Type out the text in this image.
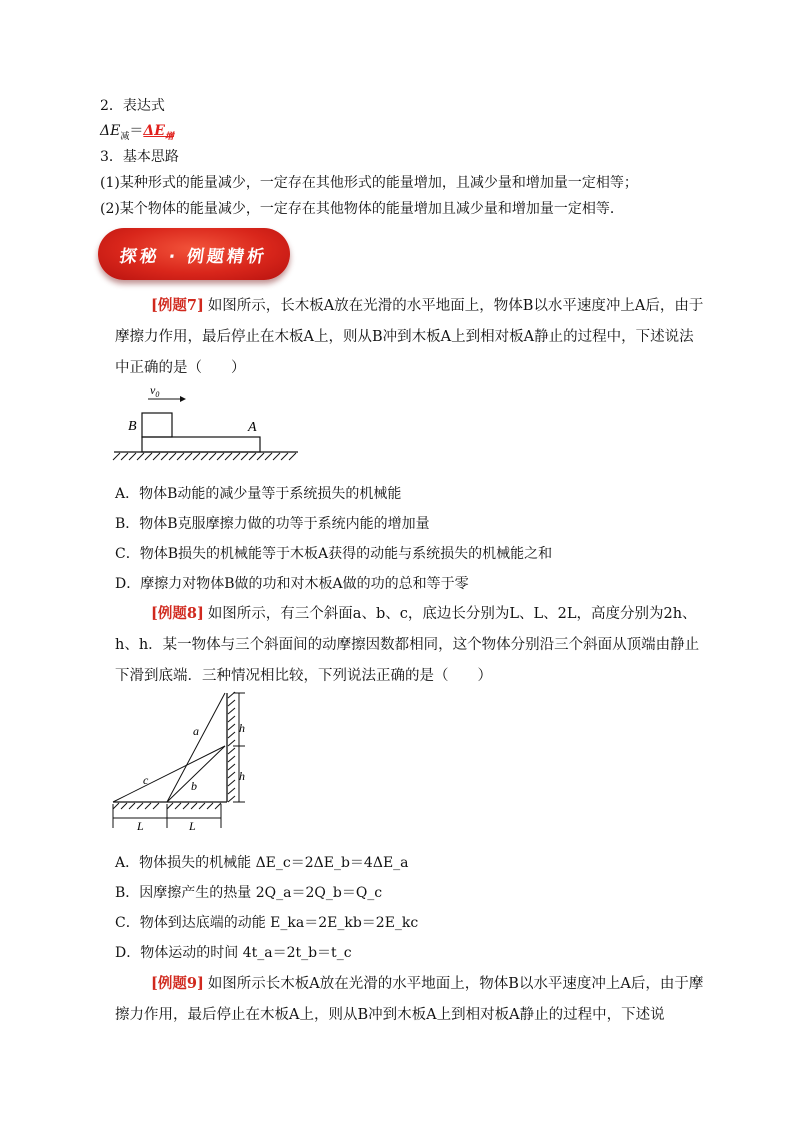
2．表达式
$\Delta E_减=\Delta E_增$
3．基本思路
(1)某种形式的能量减少，一定存在其他形式的能量增加，且减少量和增加量一定相等；
(2)某个物体的能量减少，一定存在其他物体的能量增加且减少量和增加量一定相等．
探秘 · 例题精析
[例题7] 如图所示，长木板A放在光滑的水平地面上，物体B以水平速度冲上A后，由于摩擦力作用，最后停止在木板A上，则从B冲到木板A上到相对板A静止的过程中，下述说法中正确的是（　　）
$v_0$
B	A
A．物体B动能的减少量等于系统损失的机械能
B．物体B克服摩擦力做的功等于系统内能的增加量
C．物体B损失的机械能等于木板A获得的动能与系统损失的机械能之和
D．摩擦力对物体B做的功和对木板A做的功的总和等于零
[例题8] 如图所示，有三个斜面a、b、c，底边长分别为L、L、2L，高度分别为2h、h、h．某一物体与三个斜面间的动摩擦因数都相同，这个物体分别沿三个斜面从顶端由静止下滑到底端．三种情况相比较，下列说法正确的是（　　）
a
b
c
h
h
L	L
A．物体损失的机械能 ΔE_c＝2ΔE_b＝4ΔE_a
B．因摩擦产生的热量 2Q_a＝2Q_b＝Q_c
C．物体到达底端的动能 E_ka＝2E_kb＝2E_kc
D．物体运动的时间 4t_a＝2t_b＝t_c
[例题9] 如图所示长木板A放在光滑的水平地面上，物体B以水平速度冲上A后，由于摩擦力作用，最后停止在木板A上，则从B冲到木板A上到相对板A静止的过程中，下述说
